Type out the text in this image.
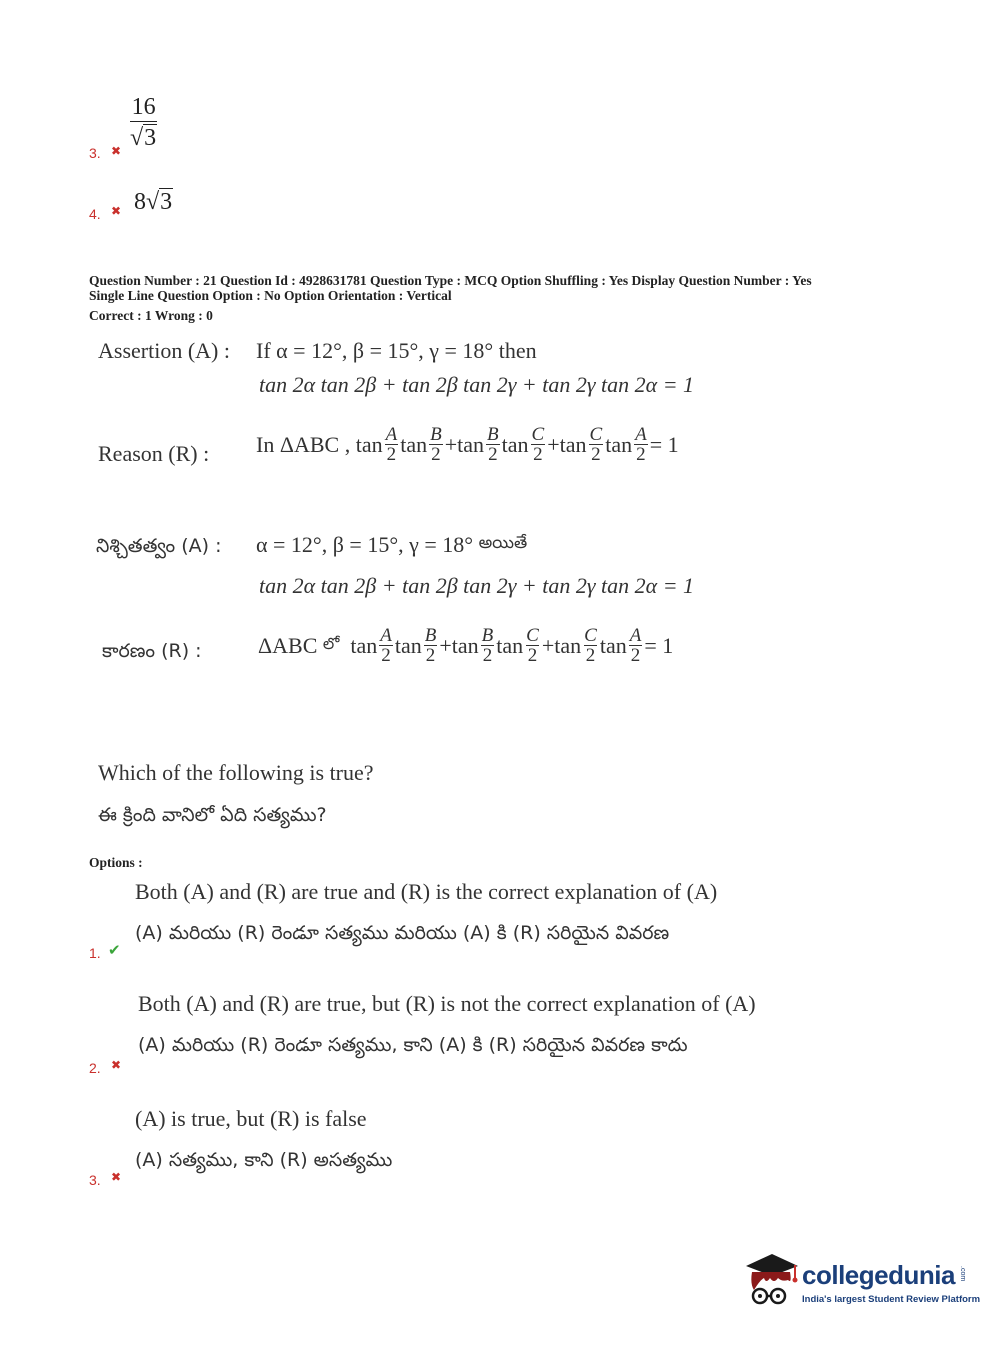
16
√ 3
3. ✖
4. ✖ 8 √ 3
Question Number : 21 Question Id : 4928631781 Question Type : MCQ Option Shuffling : Yes Display Question Number : Yes
Single Line Question Option : No Option Orientation : Vertical
Correct : 1 Wrong : 0
Assertion (A) : If α = 12°, β = 15°, γ = 18° then
tan 2α tan 2β + tan 2β tan 2γ + tan 2γ tan 2α = 1
Reason (R) : In ΔABC ,
$\tan \frac{A}{2}$ $\tan \frac{B}{2} + \tan \frac{B}{2}$ $\tan \frac{C}{2} + \tan \frac{C}{2}$ $\tan \frac{A}{2} = 1$
నిశ్చితత్వం (A) : α = 12°, β = 15°, γ = 18°
అయితే
tan 2α tan 2β + tan 2β tan 2γ + tan 2γ tan 2α = 1
కారణం (R) :	ΔABC
లో
$\tan \frac{A}{2}$ $\tan \frac{B}{2} + \tan \frac{B}{2}$ $\tan \frac{C}{2} + \tan \frac{C}{2}$ $\tan \frac{A}{2} = 1$
Which of the following is true?
ఈ క్రింది వానిలో ఏది సత్యము?
Options :
Both (A) and (R) are true and (R) is the correct explanation of (A)
(A) మరియు (R) రెండూ సత్యము మరియు (A) కి (R) సరియైన వివరణ
1. ✔
Both (A) and (R) are true, but (R) is not the correct explanation of (A)
(A) మరియు (R) రెండూ సత్యము, కాని (A) కి (R) సరియైన వివరణ కాదు
2. ✖
(A) is true, but (R) is false
(A) సత్యము, కాని (R) అసత్యము
3. ✖
collegedunia .com
India's largest Student Review Platform
